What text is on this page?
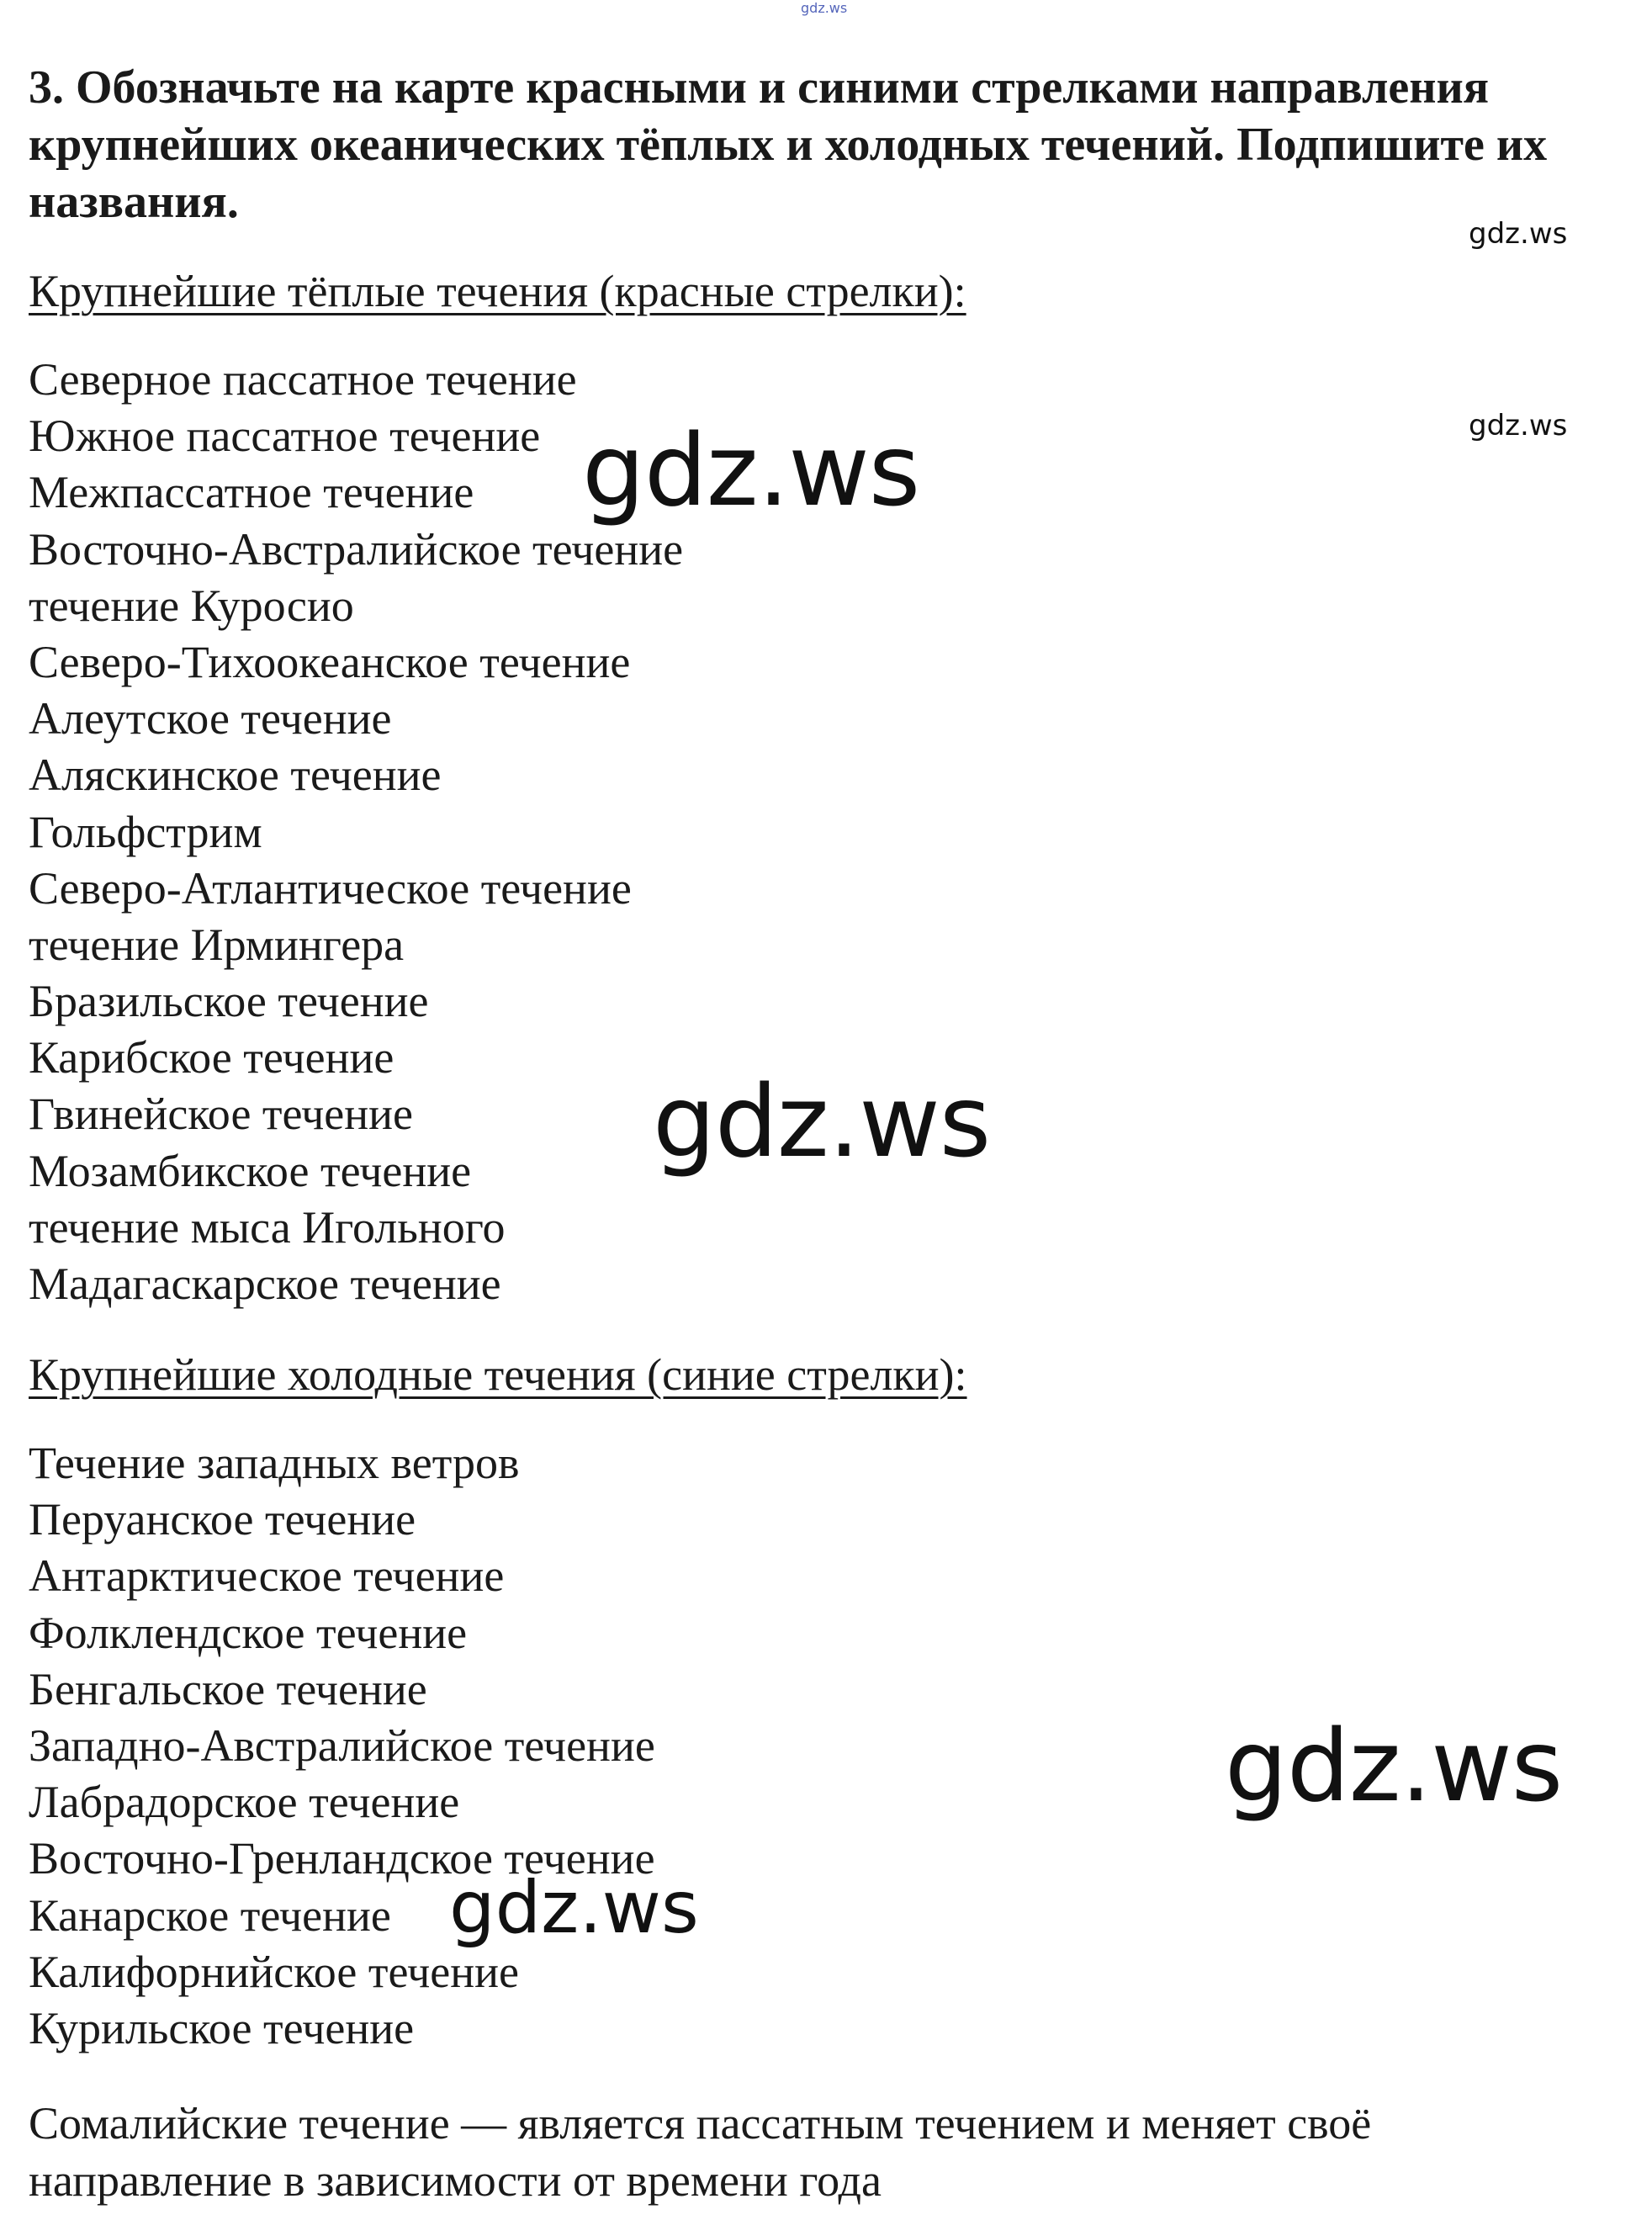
gdz.ws

3. Обозначьте на карте красными и синими стрелками направления крупнейших океанических тёплых и холодных течений. Подпишите их названия.

gdz.ws

Крупнейшие тёплые течения (красные стрелки):

Северное пассатное течение
Южное пассатное течение
Межпассатное течение
Восточно-Австралийское течение
течение Куросио
Северо-Тихоокеанское течение
Алеутское течение
Аляскинское течение
Гольфстрим
Северо-Атлантическое течение
течение Ирмингера
Бразильское течение
Карибское течение
Гвинейское течение
Мозамбикское течение
течение мыса Игольного
Мадагаскарское течение
gdz.ws
gdz.ws
gdz.ws

Крупнейшие холодные течения (синие стрелки):

Течение западных ветров
Перуанское течение
Антарктическое течение
Фолклендское течение
Бенгальское течение
Западно-Австралийское течение
Лабрадорское течение
Восточно-Гренландское течение
Канарское течение
Калифорнийское течение
Курильское течение
gdz.ws
gdz.ws

Сомалийские течение — является пассатным течением и меняет своё направление в зависимости от времени года
